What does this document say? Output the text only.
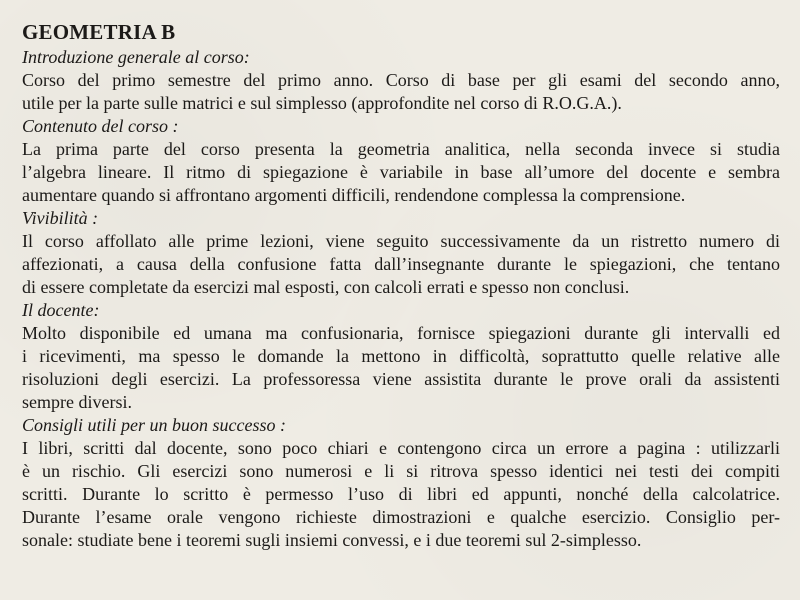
GEOMETRIA B

Introduzione generale al corso:

Corso del primo semestre del primo anno. Corso di base per gli esami del secondo anno,
utile per la parte sulle matrici e sul simplesso (approfondite nel corso di R.O.G.A.).

Contenuto del corso :

La prima parte del corso presenta la geometria analitica, nella seconda invece si studia
l’algebra lineare. Il ritmo di spiegazione è variabile in base all’umore del docente e sembra
aumentare quando si affrontano argomenti difficili, rendendone complessa la comprensione.

Vivibilità :

Il corso affollato alle prime lezioni, viene seguito successivamente da un ristretto numero di
affezionati, a causa della confusione fatta dall’insegnante durante le spiegazioni, che tentano
di essere completate da esercizi mal esposti, con calcoli errati e spesso non conclusi.

Il docente:

Molto disponibile ed umana ma confusionaria, fornisce spiegazioni durante gli intervalli ed
i ricevimenti, ma spesso le domande la mettono in difficoltà, soprattutto quelle relative alle
risoluzioni degli esercizi. La professoressa viene assistita durante le prove orali da assistenti
sempre diversi.

Consigli utili per un buon successo :

I libri, scritti dal docente, sono poco chiari e contengono circa un errore a pagina : utilizzarli
è un rischio. Gli esercizi sono numerosi e li si ritrova spesso identici nei testi dei compiti
scritti. Durante lo scritto è permesso l’uso di libri ed appunti, nonché della calcolatrice.
Durante l’esame orale vengono richieste dimostrazioni e qualche esercizio. Consiglio per-
sonale: studiate bene i teoremi sugli insiemi convessi, e i due teoremi sul 2-simplesso.
